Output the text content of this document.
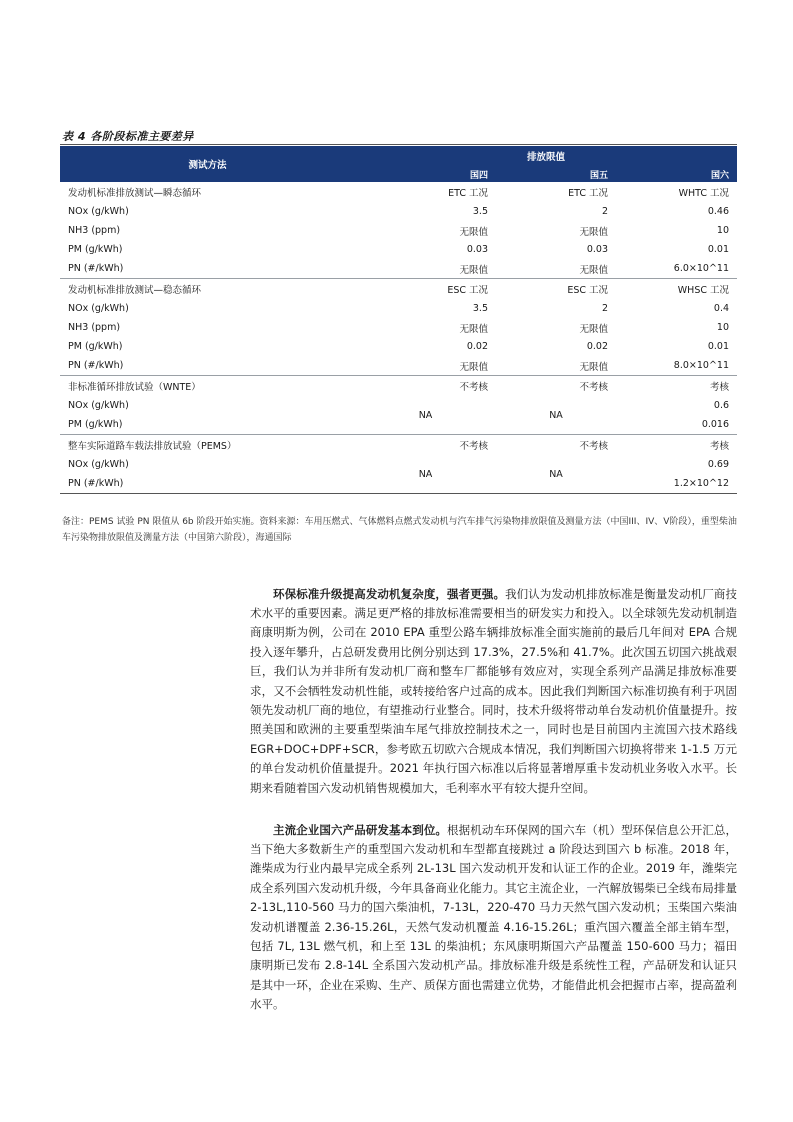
表 4 各阶段标准主要差异
测试方法	排放限值		
	国四	国五	国六
发动机标准排放测试—瞬态循环	ETC 工况	ETC 工况	WHTC 工况
NOx (g/kWh)	3.5	2	0.46
NH3 (ppm)	无限值	无限值	10
PM (g/kWh)	0.03	0.03	0.01
PN (#/kWh)	无限值	无限值	6.0×10^11
发动机标准排放测试—稳态循环	ESC 工况	ESC 工况	WHSC 工况
NOx (g/kWh)	3.5	2	0.4
NH3 (ppm)	无限值	无限值	10
PM (g/kWh)	0.02	0.02	0.01
PN (#/kWh)	无限值	无限值	8.0×10^11
非标准循环排放试验（WNTE）	不考核	不考核	考核
NOx (g/kWh)	NA	NA	0.6
PM (g/kWh)			0.016
整车实际道路车载法排放试验（PEMS）	不考核	不考核	考核
NOx (g/kWh)	NA	NA	0.69
PN (#/kWh)			1.2×10^12
备注：PEMS 试验 PN 限值从 6b 阶段开始实施。资料来源：车用压燃式、气体燃料点燃式发动机与汽车排气污染物排放限值及测量方法（中国III、IV、V阶段），重型柴油车污染物排放限值及测量方法（中国第六阶段），海通国际

环保标准升级提高发动机复杂度，强者更强。我们认为发动机排放标准是衡量发动机厂商技术水平的重要因素。满足更严格的排放标准需要相当的研发实力和投入。以全球领先发动机制造商康明斯为例，公司在 2010 EPA 重型公路车辆排放标准全面实施前的最后几年间对 EPA 合规投入逐年攀升，占总研发费用比例分别达到 17.3%，27.5%和 41.7%。此次国五切国六挑战艰巨，我们认为并非所有发动机厂商和整车厂都能够有效应对，实现全系列产品满足排放标准要求，又不会牺牲发动机性能，或转接给客户过高的成本。因此我们判断国六标准切换有利于巩固领先发动机厂商的地位，有望推动行业整合。同时，技术升级将带动单台发动机价值量提升。按照美国和欧洲的主要重型柴油车尾气排放控制技术之一，同时也是目前国内主流国六技术路线 EGR+DOC+DPF+SCR，参考欧五切欧六合规成本情况，我们判断国六切换将带来 1-1.5 万元的单台发动机价值量提升。2021 年执行国六标准以后将显著增厚重卡发动机业务收入水平。长期来看随着国六发动机销售规模加大，毛利率水平有较大提升空间。

主流企业国六产品研发基本到位。根据机动车环保网的国六车（机）型环保信息公开汇总，当下绝大多数新生产的重型国六发动机和车型都直接跳过 a 阶段达到国六 b 标准。2018 年，潍柴成为行业内最早完成全系列 2L-13L 国六发动机开发和认证工作的企业。2019 年，潍柴完成全系列国六发动机升级，今年具备商业化能力。其它主流企业，一汽解放锡柴已全线布局排量 2-13L,110-560 马力的国六柴油机，7-13L，220-470 马力天然气国六发动机；玉柴国六柴油发动机谱覆盖 2.36-15.26L，天然气发动机覆盖 4.16-15.26L；重汽国六覆盖全部主销车型，包括 7L, 13L 燃气机，和上至 13L 的柴油机；东风康明斯国六产品覆盖 150-600 马力；福田康明斯已发布 2.8-14L 全系国六发动机产品。排放标准升级是系统性工程，产品研发和认证只是其中一环，企业在采购、生产、质保方面也需建立优势，才能借此机会把握市占率，提高盈利水平。
